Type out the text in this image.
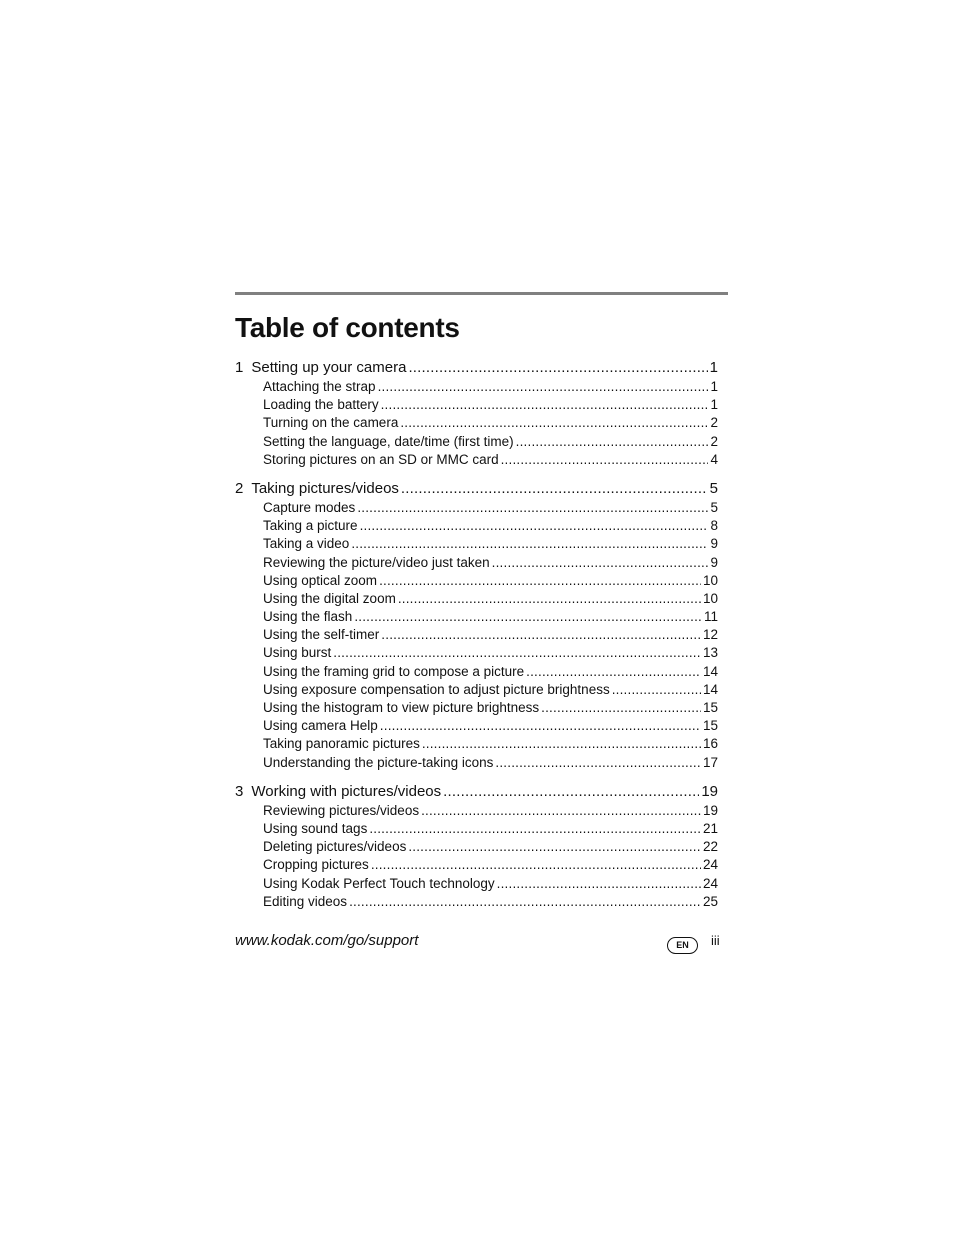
Table of contents
1 Setting up your camera .....	1
Attaching the strap .....	1
Loading the battery .....	1
Turning on the camera .....	2
Setting the language, date/time (first time) .....	2
Storing pictures on an SD or MMC card .....	4
2 Taking pictures/videos .....	5
Capture modes .....	5
Taking a picture .....	8
Taking a video .....	9
Reviewing the picture/video just taken .....	9
Using optical zoom .....	10
Using the digital zoom .....	10
Using the flash .....	11
Using the self-timer .....	12
Using burst .....	13
Using the framing grid to compose a picture .....	14
Using exposure compensation to adjust picture brightness .....	14
Using the histogram to view picture brightness .....	15
Using camera Help .....	15
Taking panoramic pictures .....	16
Understanding the picture-taking icons .....	17
3 Working with pictures/videos .....	19
Reviewing pictures/videos .....	19
Using sound tags .....	21
Deleting pictures/videos .....	22
Cropping pictures .....	24
Using Kodak Perfect Touch technology .....	24
Editing videos .....	25
www.kodak.com/go/support	EN	iii
